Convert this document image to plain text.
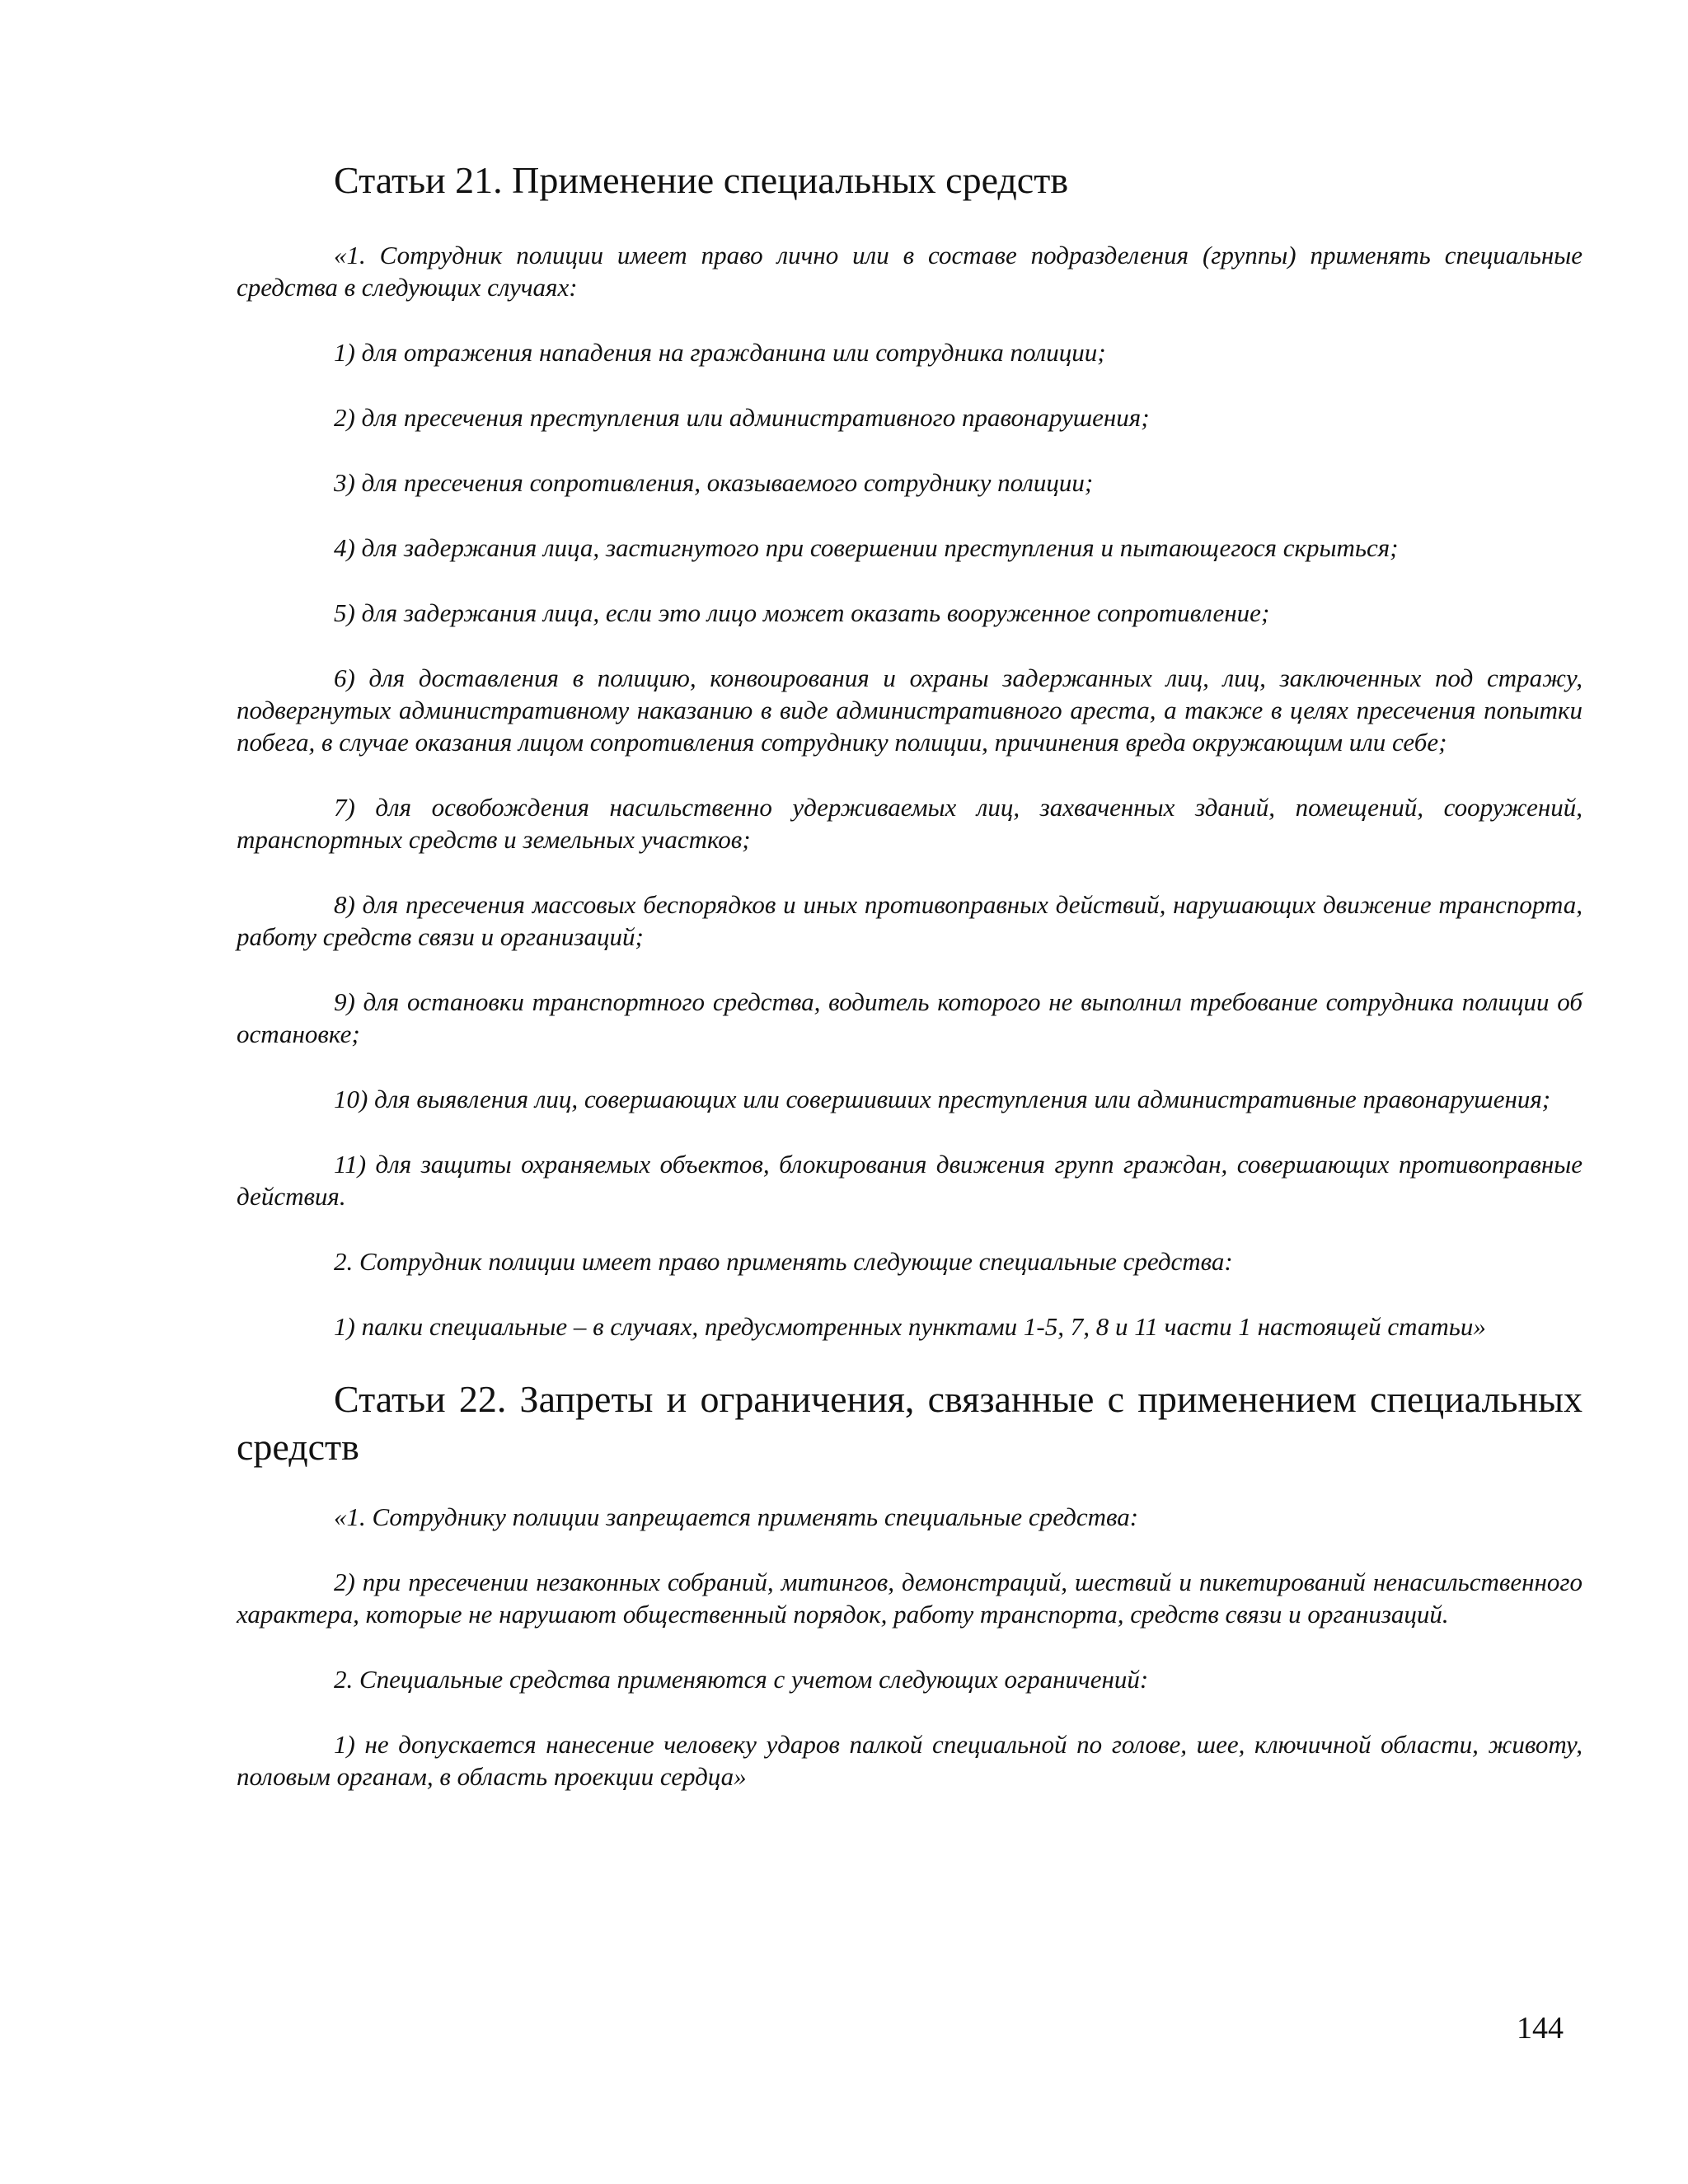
Статьи 21. Применение специальных средств

«1. Сотрудник полиции имеет право лично или в составе подразделения (группы) применять специальные средства в следующих случаях:

1) для отражения нападения на гражданина или сотрудника полиции;

2) для пресечения преступления или административного правонарушения;

3) для пресечения сопротивления, оказываемого сотруднику полиции;

4) для задержания лица, застигнутого при совершении преступления и пытающегося скрыться;

5) для задержания лица, если это лицо может оказать вооруженное сопротивление;

6) для доставления в полицию, конвоирования и охраны задержанных лиц, лиц, заключенных под стражу, подвергнутых административному наказанию в виде административного ареста, а также в целях пресечения попытки побега, в случае оказания лицом сопротивления сотруднику полиции, причинения вреда окружающим или себе;

7) для освобождения насильственно удерживаемых лиц, захваченных зданий, помещений, сооружений, транспортных средств и земельных участков;

8) для пресечения массовых беспорядков и иных противоправных действий, нарушающих движение транспорта, работу средств связи и организаций;

9) для остановки транспортного средства, водитель которого не выполнил требование сотрудника полиции об остановке;

10) для выявления лиц, совершающих или совершивших преступления или административные правонарушения;

11) для защиты охраняемых объектов, блокирования движения групп граждан, совершающих противоправные действия.

2. Сотрудник полиции имеет право применять следующие специальные средства:

1) палки специальные – в случаях, предусмотренных пунктами 1-5, 7, 8 и 11 части 1 настоящей статьи»

Статьи 22. Запреты и ограничения, связанные с применением специальных средств

«1. Сотруднику полиции запрещается применять специальные средства:

2) при пресечении незаконных собраний, митингов, демонстраций, шествий и пикетирований ненасильственного характера, которые не нарушают общественный порядок, работу транспорта, средств связи и организаций.

2. Специальные средства применяются с учетом следующих ограничений:

1) не допускается нанесение человеку ударов палкой специальной по голове, шее, ключичной области, животу, половым органам, в область проекции сердца»

144
